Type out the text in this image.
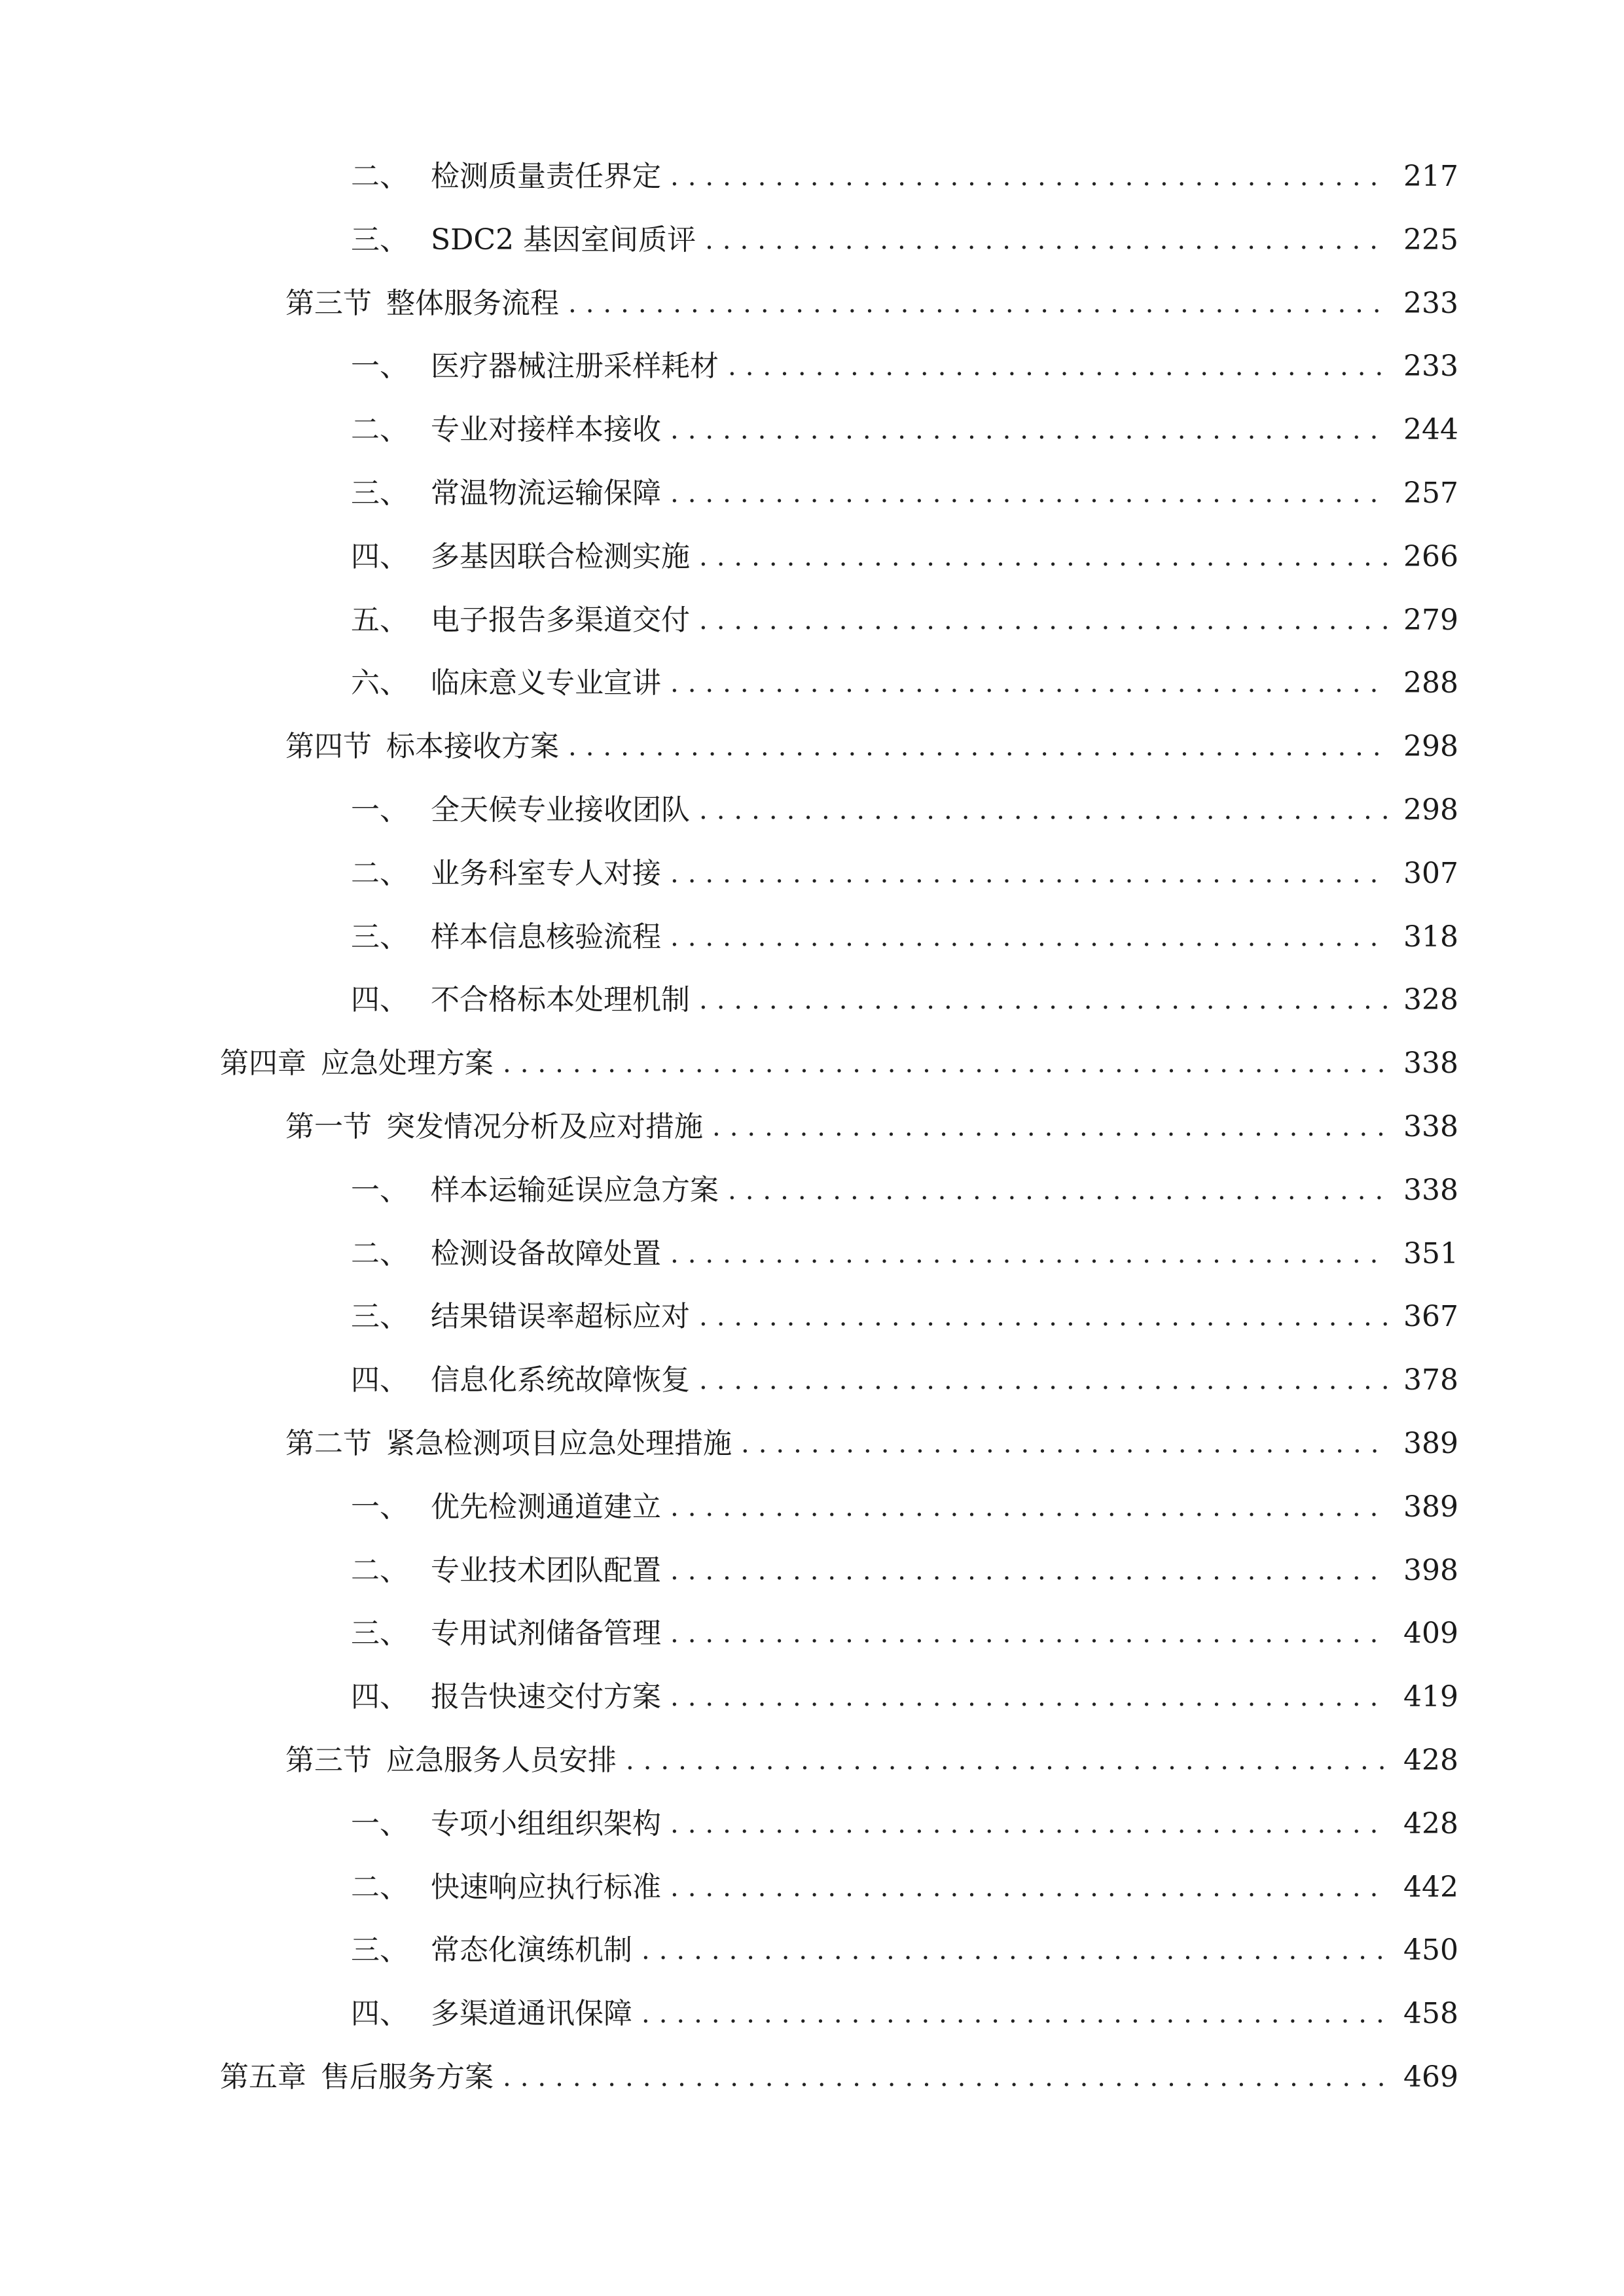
二、 检测质量责任界定 .....	217
三、 SDC2 基因室间质评 .....	225
第三节 整体服务流程 .....	233
一、 医疗器械注册采样耗材 .....	233
二、 专业对接样本接收 .....	244
三、 常温物流运输保障 .....	257
四、 多基因联合检测实施 .....	266
五、 电子报告多渠道交付 .....	279
六、 临床意义专业宣讲 .....	288
第四节 标本接收方案 .....	298
一、 全天候专业接收团队 .....	298
二、 业务科室专人对接 .....	307
三、 样本信息核验流程 .....	318
四、 不合格标本处理机制 .....	328
第四章 应急处理方案 .....	338
第一节 突发情况分析及应对措施 .....	338
一、 样本运输延误应急方案 .....	338
二、 检测设备故障处置 .....	351
三、 结果错误率超标应对 .....	367
四、 信息化系统故障恢复 .....	378
第二节 紧急检测项目应急处理措施 .....	389
一、 优先检测通道建立 .....	389
二、 专业技术团队配置 .....	398
三、 专用试剂储备管理 .....	409
四、 报告快速交付方案 .....	419
第三节 应急服务人员安排 .....	428
一、 专项小组组织架构 .....	428
二、 快速响应执行标准 .....	442
三、 常态化演练机制 .....	450
四、 多渠道通讯保障 .....	458
第五章 售后服务方案 .....	469
